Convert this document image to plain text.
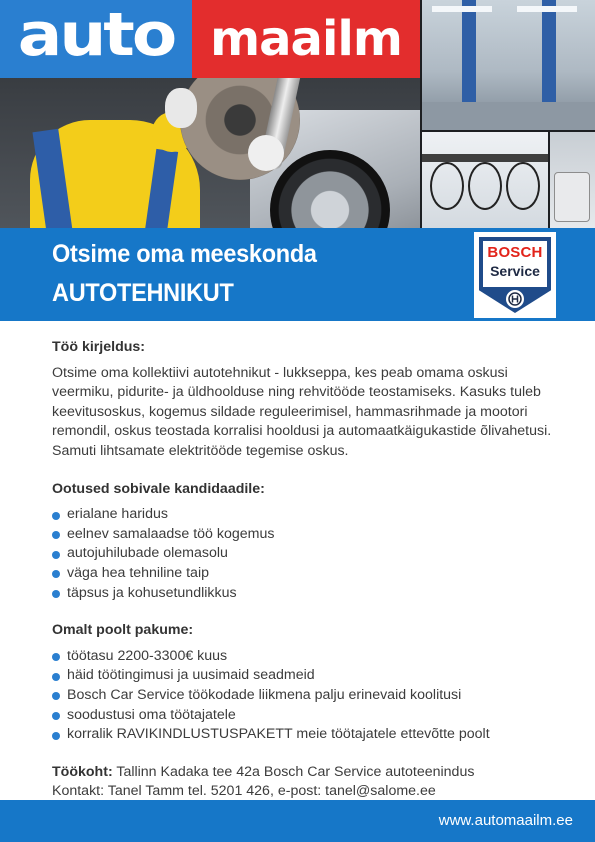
auto maailm
Otsime oma meeskonda
AUTOTEHNIKUT
BOSCH
Service
Töö kirjeldus:
Otsime oma kollektiivi autotehnikut - lukkseppa, kes peab omama oskusi veermiku, pidurite- ja üldhoolduse ning rehvitööde teostamiseks. Kasuks tuleb keevitusoskus, kogemus sildade reguleerimisel, hammasrihmade ja mootori remondil, oskus teostada korralisi hooldusi ja automaatkäigukastide õlivahetusi. Samuti lihtsamate elektritööde tegemise oskus.
Ootused sobivale kandidaadile:
erialane haridus
eelnev samalaadse töö kogemus
autojuhilubade olemasolu
väga hea tehniline taip
täpsus ja kohusetundlikkus
Omalt poolt pakume:
töötasu 2200-3300€ kuus
häid töötingimusi ja uusimaid seadmeid
Bosch Car Service töökodade liikmena palju erinevaid koolitusi
soodustusi oma töötajatele
korralik RAVIKINDLUSTUSPAKETT meie töötajatele ettevõtte poolt
Töökoht: Tallinn Kadaka tee 42a Bosch Car Service autoteenindus
Kontakt: Tanel Tamm tel. 5201 426, e-post: tanel@salome.ee
www.automaailm.ee
